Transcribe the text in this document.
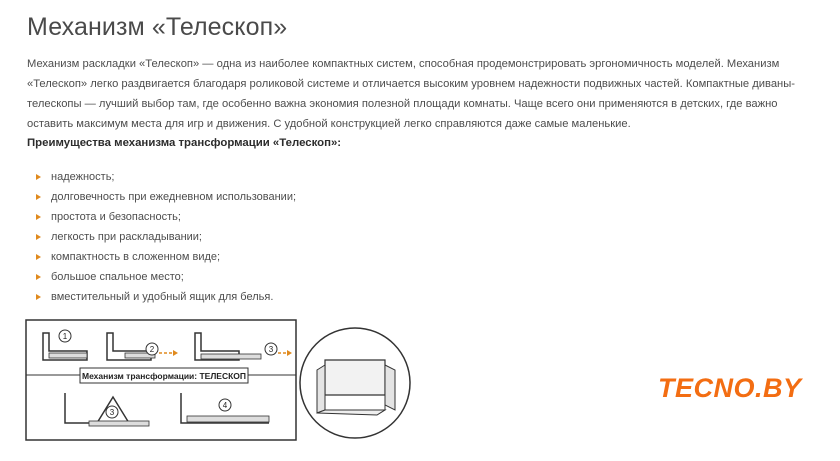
Механизм «Телескоп»

Механизм раскладки «Телескоп» — одна из наиболее компактных систем, способная продемонстрировать эргономичность моделей. Механизм «Телескоп» легко раздвигается благодаря роликовой системе и отличается высоким уровнем надежности подвижных частей. Компактные диваны-телескопы — лучший выбор там, где особенно важна экономия полезной площади комнаты. Чаще всего они применяются в детских, где важно оставить максимум места для игр и движения. С удобной конструкцией легко справляются даже самые маленькие.

Преимущества механизма трансформации «Телескоп»:

надежность;
долговечность при ежедневном использовании;
простота и безопасность;
легкость при раскладывании;
компактность в сложенном виде;
большое спальное место;
вместительный и удобный ящик для белья.
Механизм трансформации: ТЕЛЕСКОП
1
2	3
3
4
TECNO.BY
